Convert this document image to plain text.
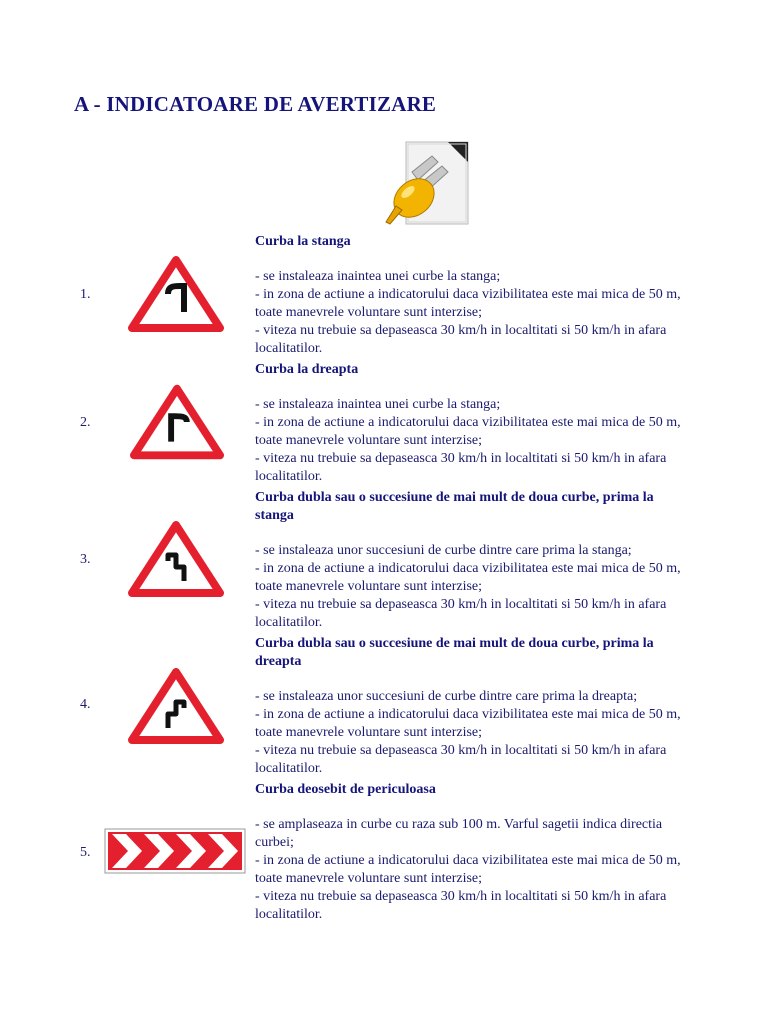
A - INDICATOARE DE AVERTIZARE
Curba la stanga
1.
- se instaleaza inaintea unei curbe la stanga;
- in zona de actiune a indicatorului daca vizibilitatea este mai mica de 50 m, toate manevrele voluntare sunt interzise;
- viteza nu trebuie sa depaseasca 30 km/h in localtitati si 50 km/h in afara localitatilor.
Curba la dreapta
2.
- se instaleaza inaintea unei curbe la stanga;
- in zona de actiune a indicatorului daca vizibilitatea este mai mica de 50 m, toate manevrele voluntare sunt interzise;
- viteza nu trebuie sa depaseasca 30 km/h in localtitati si 50 km/h in afara localitatilor.
Curba dubla sau o succesiune de mai mult de doua curbe, prima la stanga
3.
- se instaleaza unor succesiuni de curbe dintre care prima la stanga;
- in zona de actiune a indicatorului daca vizibilitatea este mai mica de 50 m, toate manevrele voluntare sunt interzise;
- viteza nu trebuie sa depaseasca 30 km/h in localtitati si 50 km/h in afara localitatilor.
Curba dubla sau o succesiune de mai mult de doua curbe, prima la dreapta
4.
- se instaleaza unor succesiuni de curbe dintre care prima la dreapta;
- in zona de actiune a indicatorului daca vizibilitatea este mai mica de 50 m, toate manevrele voluntare sunt interzise;
- viteza nu trebuie sa depaseasca 30 km/h in localtitati si 50 km/h in afara localitatilor.
Curba deosebit de periculoasa
5.
- se amplaseaza in curbe cu raza sub 100 m. Varful sagetii indica directia curbei;
- in zona de actiune a indicatorului daca vizibilitatea este mai mica de 50 m, toate manevrele voluntare sunt interzise;
- viteza nu trebuie sa depaseasca 30 km/h in localtitati si 50 km/h in afara localitatilor.
